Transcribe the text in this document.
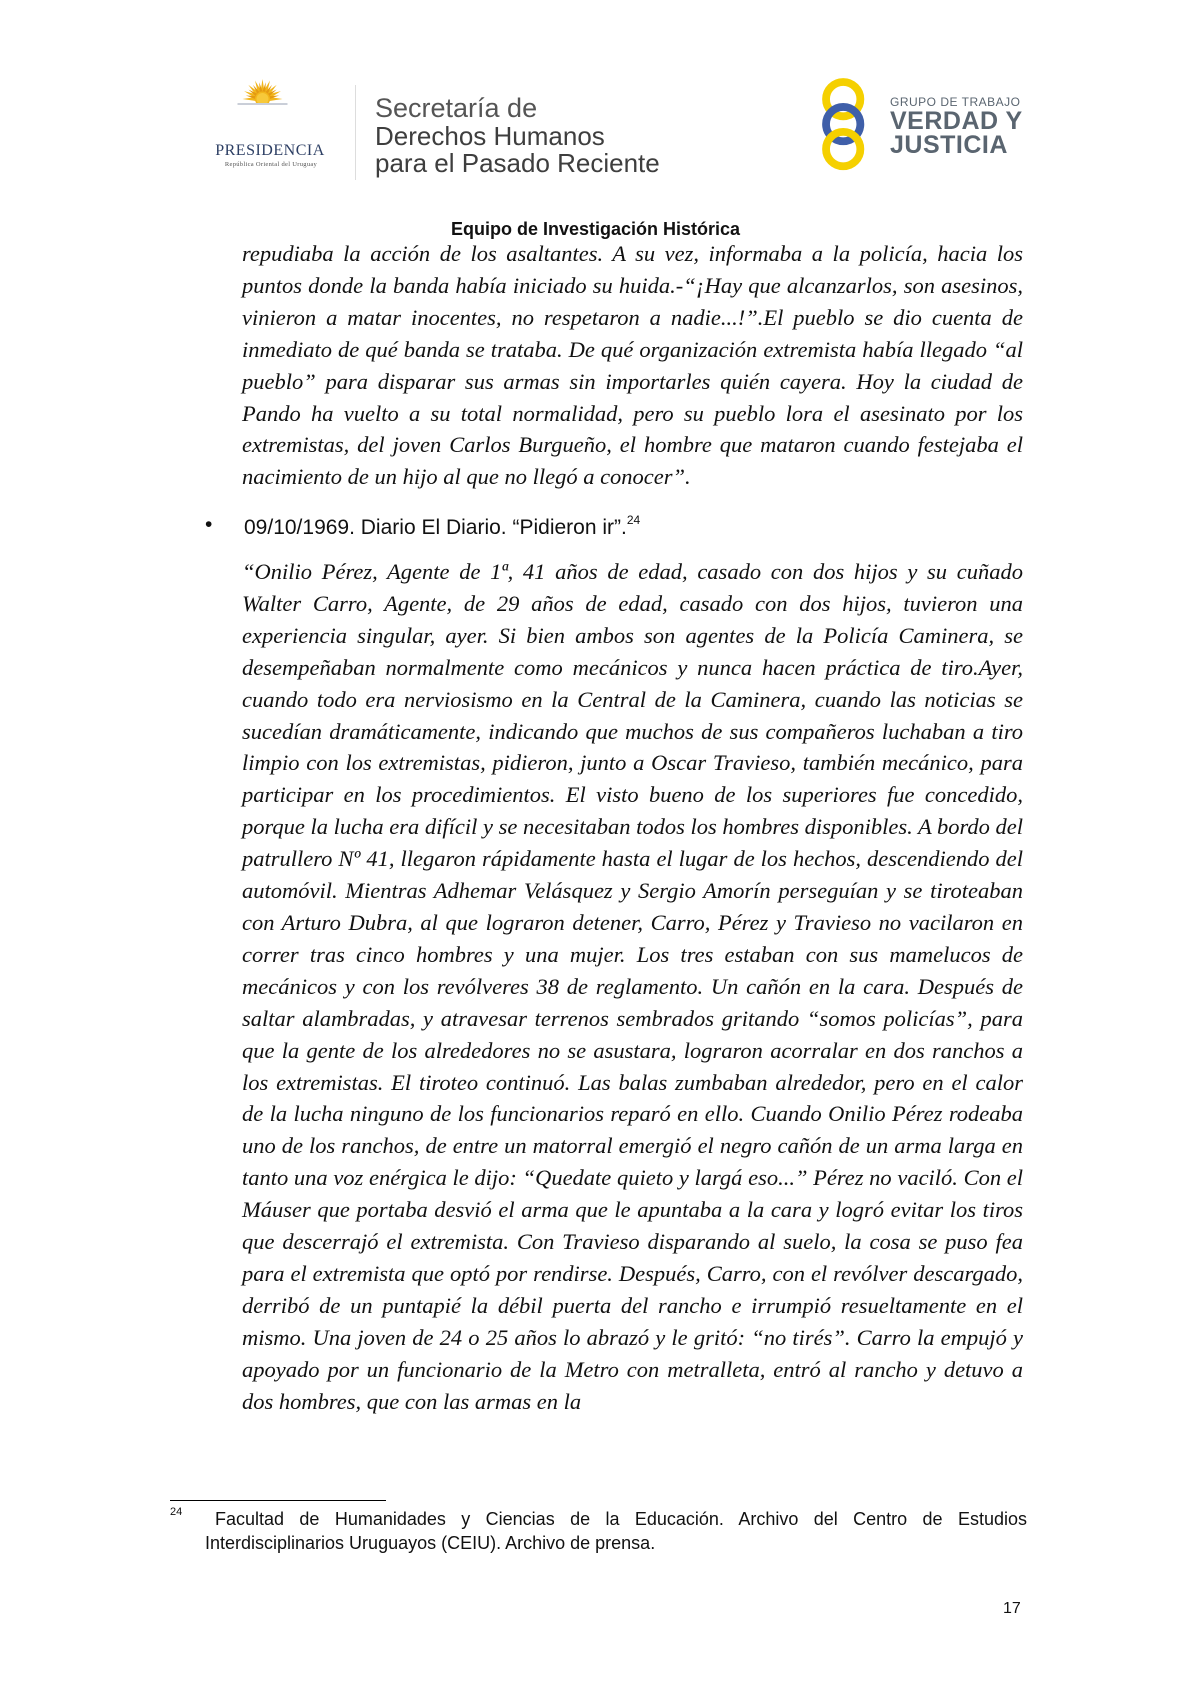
PRESIDENCIA
República Oriental del Uruguay
Secretaría de
Derechos Humanos
para el Pasado Reciente
GRUPO DE TRABAJO
VERDAD Y
JUSTICIA
Equipo de Investigación Histórica
repudiaba la acción de los asaltantes. A su vez, informaba a la policía, hacia los puntos donde la banda había iniciado su huida.-“¡Hay que alcanzarlos, son asesinos, vinieron a matar inocentes, no respetaron a nadie...!”.El pueblo se dio cuenta de inmediato de qué banda se trataba. De qué organización extremista había llegado “al pueblo” para disparar sus armas sin importarles quién cayera. Hoy la ciudad de Pando ha vuelto a su total normalidad, pero su pueblo lora el asesinato por los extremistas, del joven Carlos Burgueño, el hombre que mataron cuando festejaba el nacimiento de un hijo al que no llegó a conocer”.
• 09/10/1969. Diario El Diario. “Pidieron ir”.$^{24}$
“Onilio Pérez, Agente de 1ª, 41 años de edad, casado con dos hijos y su cuñado Walter Carro, Agente, de 29 años de edad, casado con dos hijos, tuvieron una experiencia singular, ayer. Si bien ambos son agentes de la Policía Caminera, se desempeñaban normalmente como mecánicos y nunca hacen práctica de tiro.Ayer, cuando todo era nerviosismo en la Central de la Caminera, cuando las noticias se sucedían dramáticamente, indicando que muchos de sus compañeros luchaban a tiro limpio con los extremistas, pidieron, junto a Oscar Travieso, también mecánico, para participar en los procedimientos. El visto bueno de los superiores fue concedido, porque la lucha era difícil y se necesitaban todos los hombres disponibles. A bordo del patrullero Nº 41, llegaron rápidamente hasta el lugar de los hechos, descendiendo del automóvil. Mientras Adhemar Velásquez y Sergio Amorín perseguían y se tiroteaban con Arturo Dubra, al que lograron detener, Carro, Pérez y Travieso no vacilaron en correr tras cinco hombres y una mujer. Los tres estaban con sus mamelucos de mecánicos y con los revólveres 38 de reglamento. Un cañón en la cara. Después de saltar alambradas, y atravesar terrenos sembrados gritando “somos policías”, para que la gente de los alrededores no se asustara, lograron acorralar en dos ranchos a los extremistas. El tiroteo continuó. Las balas zumbaban alrededor, pero en el calor de la lucha ninguno de los funcionarios reparó en ello. Cuando Onilio Pérez rodeaba uno de los ranchos, de entre un matorral emergió el negro cañón de un arma larga en tanto una voz enérgica le dijo: “Quedate quieto y largá eso...” Pérez no vaciló. Con el Máuser que portaba desvió el arma que le apuntaba a la cara y logró evitar los tiros que descerrajó el extremista. Con Travieso disparando al suelo, la cosa se puso fea para el extremista que optó por rendirse. Después, Carro, con el revólver descargado, derribó de un puntapié la débil puerta del rancho e irrumpió resueltamente en el mismo. Una joven de 24 o 25 años lo abrazó y le gritó: “no tirés”. Carro la empujó y apoyado por un funcionario de la Metro con metralleta, entró al rancho y detuvo a dos hombres, que con las armas en la
24	Facultad de Humanidades y Ciencias de la Educación. Archivo del Centro de Estudios Interdisciplinarios Uruguayos (CEIU). Archivo de prensa.
17
